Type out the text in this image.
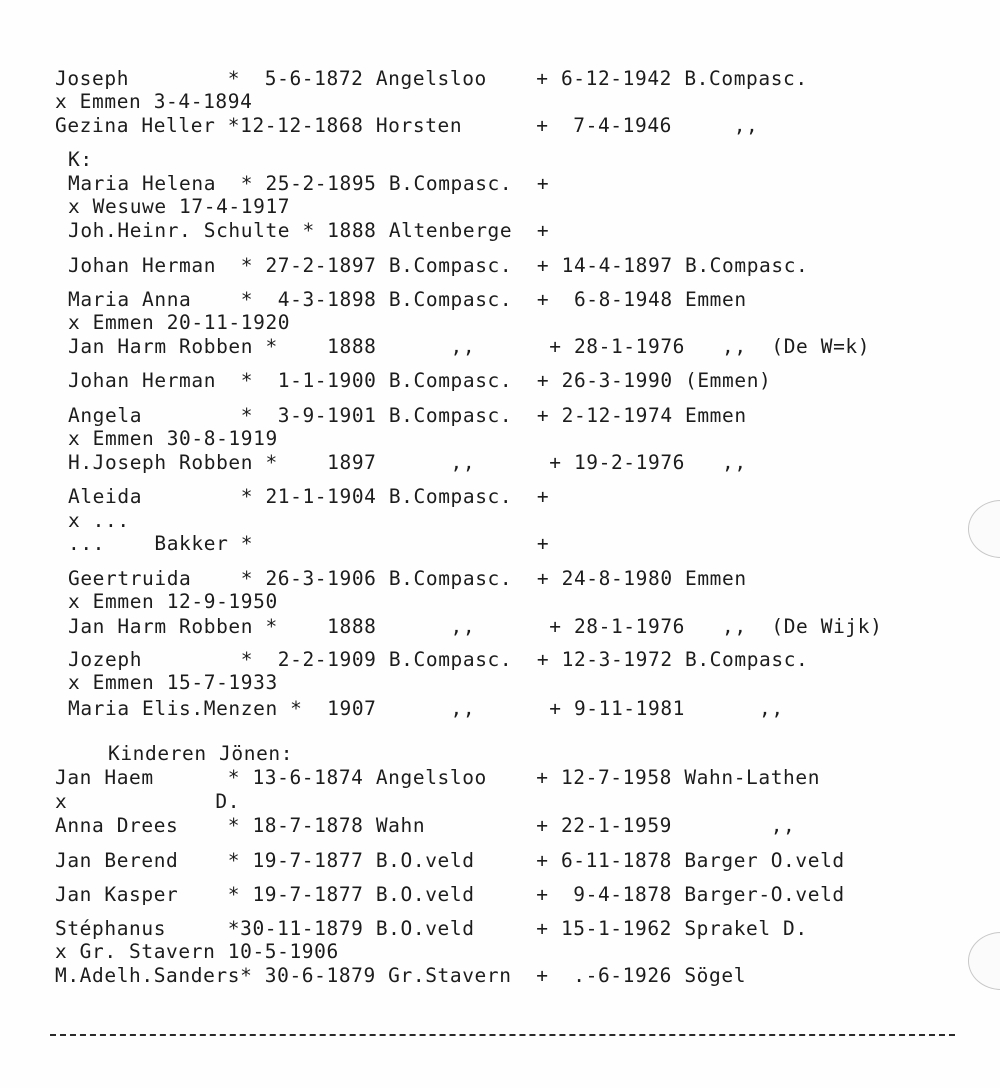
Joseph        *  5-6-1872 Angelsloo    + 6-12-1942 B.Compasc.

x Emmen 3-4-1894

Gezina Heller *12-12-1868 Horsten      +  7-4-1946     ,,

K:

Maria Helena  * 25-2-1895 B.Compasc.  +

x Wesuwe 17-4-1917

Joh.Heinr. Schulte * 1888 Altenberge  +

Johan Herman  * 27-2-1897 B.Compasc.  + 14-4-1897 B.Compasc.

Maria Anna    *  4-3-1898 B.Compasc.  +  6-8-1948 Emmen

x Emmen 20-11-1920

Jan Harm Robben *    1888      ,,      + 28-1-1976   ,,  (De W=k)

Johan Herman  *  1-1-1900 B.Compasc.  + 26-3-1990 (Emmen)

Angela        *  3-9-1901 B.Compasc.  + 2-12-1974 Emmen

x Emmen 30-8-1919

H.Joseph Robben *    1897      ,,      + 19-2-1976   ,,

Aleida        * 21-1-1904 B.Compasc.  +

x ...

...    Bakker *                       +

Geertruida    * 26-3-1906 B.Compasc.  + 24-8-1980 Emmen

x Emmen 12-9-1950

Jan Harm Robben *    1888      ,,      + 28-1-1976   ,,  (De Wijk)

Jozeph        *  2-2-1909 B.Compasc.  + 12-3-1972 B.Compasc.

x Emmen 15-7-1933

Maria Elis.Menzen *  1907      ,,      + 9-11-1981      ,,

Kinderen Jönen:

Jan Haem      * 13-6-1874 Angelsloo    + 12-7-1958 Wahn-Lathen

x            D.

Anna Drees    * 18-7-1878 Wahn         + 22-1-1959        ,,

Jan Berend    * 19-7-1877 B.O.veld     + 6-11-1878 Barger O.veld

Jan Kasper    * 19-7-1877 B.O.veld     +  9-4-1878 Barger-O.veld

Stéphanus     *30-11-1879 B.O.veld     + 15-1-1962 Sprakel D.

x Gr. Stavern 10-5-1906

M.Adelh.Sanders* 30-6-1879 Gr.Stavern  +  .-6-1926 Sögel
